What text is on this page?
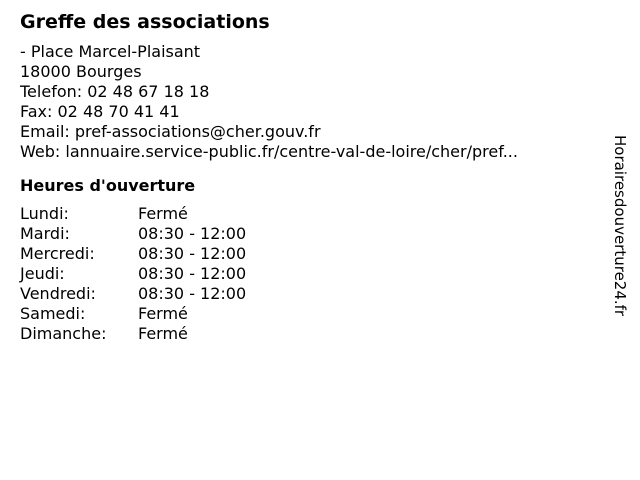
Greffe des associations
- Place Marcel-Plaisant
18000 Bourges
Telefon: 02 48 67 18 18
Fax: 02 48 70 41 41
Email: pref-associations@cher.gouv.fr
Web: lannuaire.service-public.fr/centre-val-de-loire/cher/pref...
Heures d'ouverture
Lundi:	Fermé
Mardi:	08:30 - 12:00
Mercredi:	08:30 - 12:00
Jeudi:	08:30 - 12:00
Vendredi:	08:30 - 12:00
Samedi:	Fermé
Dimanche:	Fermé
Horairesdouverture24.fr
